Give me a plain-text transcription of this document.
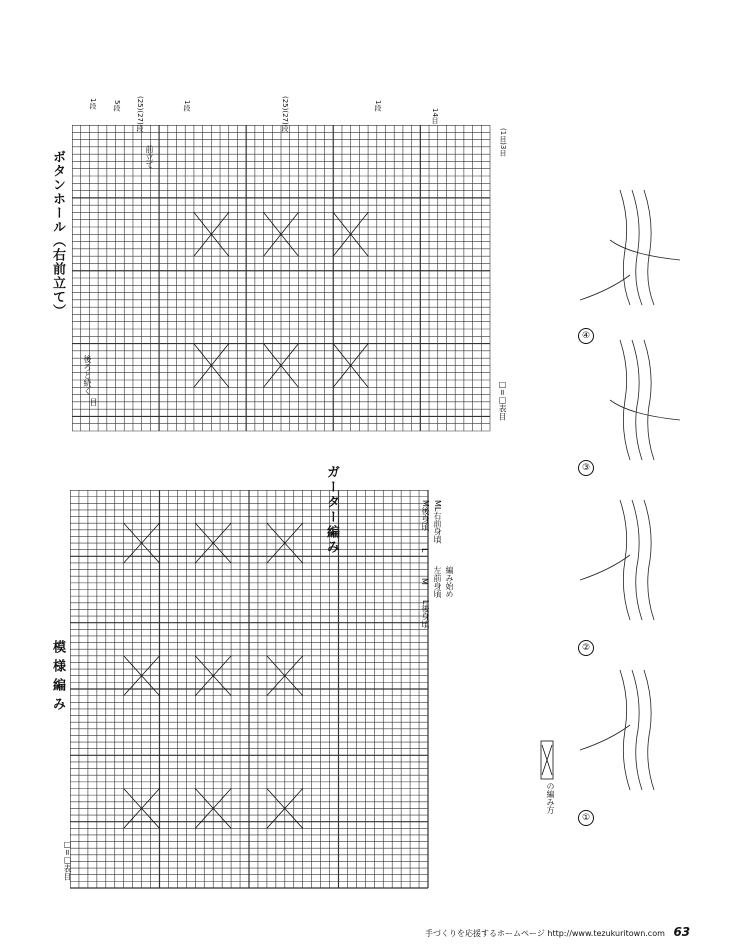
ボタンホール（右前立て）
1段 5段 (25)(27)段	1段	(25)(27)段	1段
14目
前立て
後ろと続く
目
(1目)3目
□=□表目
模様編み
ガーター編み	M後身頃 ML右前身頃
L後身頃
左前身頃 編み始め
M
L
□=□表目
④
③
②
①
の編み方
手づくりを応援するホームページ http://www.tezukuritown.com 63
